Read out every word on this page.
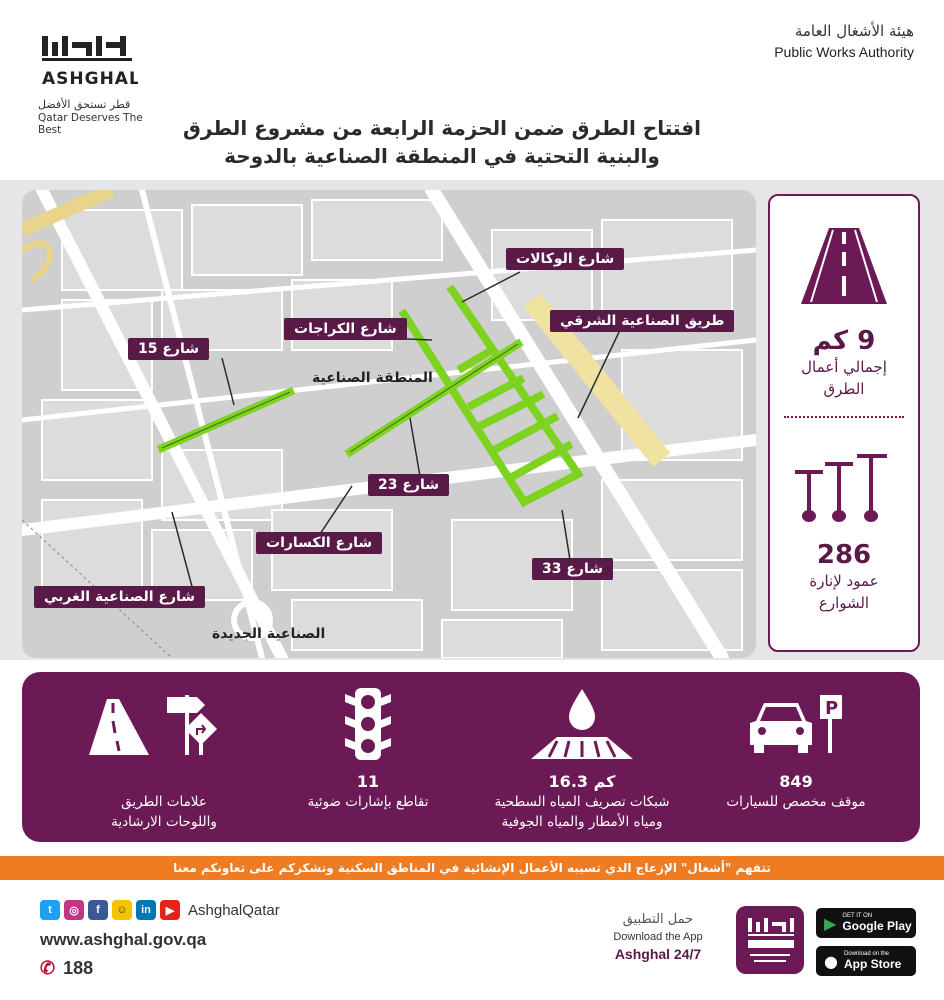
ASHGHAL
قطر تستحق الأفضل
Qatar Deserves The Best
هيئة الأشغال العامة
Public Works Authority
افتتاح الطرق ضمن الحزمة الرابعة من مشروع الطرق
والبنية التحتية في المنطقة الصناعية بالدوحة
المنطقة الصناعية
الصناعية الجديدة
شارع الوكالات
طريق الصناعية الشرقي
شارع الكراجات
شارع 15
شارع 23
شارع الكسارات
شارع 33
شارع الصناعية الغربي
9 كم
إجمالي أعمال
الطرق
286
عمود لإنارة
الشوارع
علامات الطريق
واللوحات الارشادية
11
تقاطع بإشارات ضوئية
16.3 كم
شبكات تصريف المياه السطحية
ومياه الأمطار والمياه الجوفية
P
849
موقف مخصص للسيارات
تتفهم "أشغال" الإزعاج الذي تسببه الأعمال الإنشائية في المناطق السكنية وتشكركم على تعاونكم معنا
t	◎	f	☺	in	▶ AshghalQatar
www.ashghal.gov.qa
✆ 188
حمل التطبيق
Download the App
Ashghal 24/7
▶ GET IT ON
Google Play
● Download on the
App Store
